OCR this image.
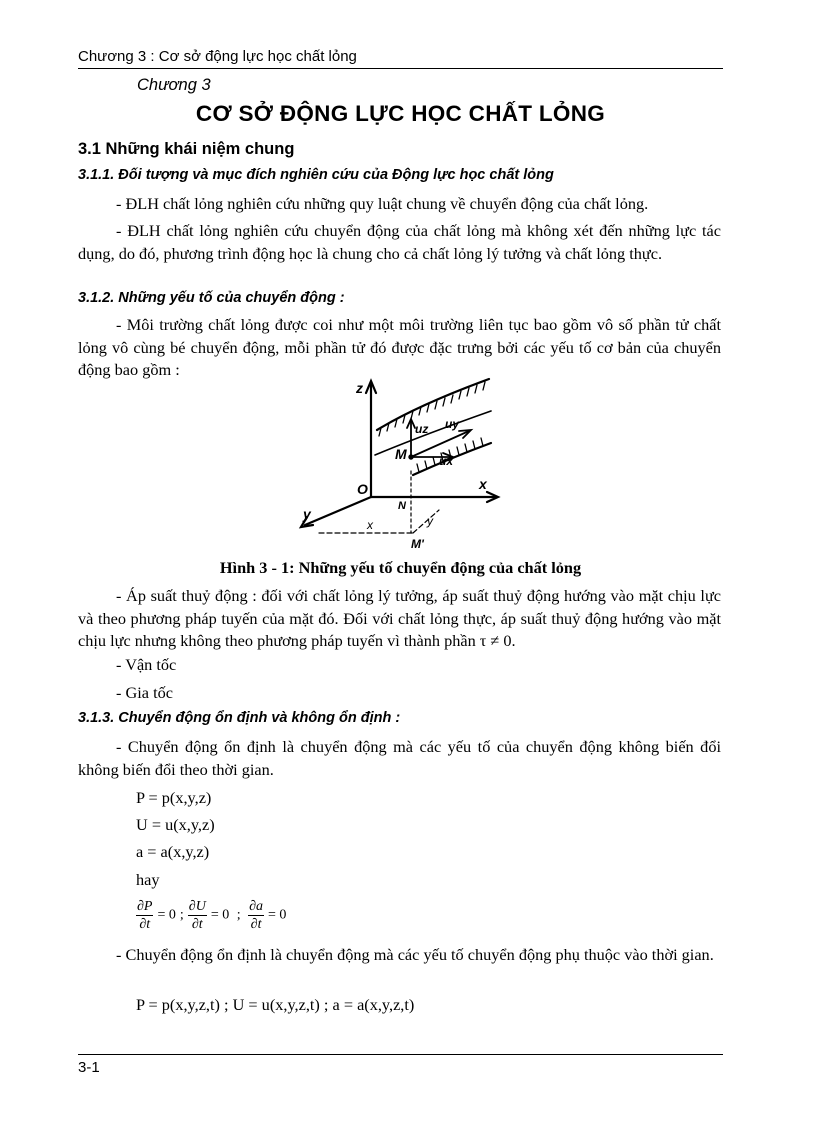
Chương 3 : Cơ sở động lực học chất lỏng
Chương 3
CƠ SỞ ĐỘNG LỰC HỌC CHẤT LỎNG
3.1 Những khái niệm chung
3.1.1. Đối tượng và mục đích nghiên cứu của Động lực học chất lỏng
- ĐLH chất lỏng nghiên cứu những quy luật chung về chuyển động của chất lỏng.
- ĐLH chất lỏng nghiên cứu chuyển động của chất lỏng mà không xét đến những lực tác dụng, do đó, phương trình động học là chung cho cả chất lỏng lý tưởng và chất lỏng thực.
3.1.2. Những yếu tố của chuyển động :
- Môi trường chất lỏng được coi như một môi trường liên tục bao gồm vô số phần tử chất lỏng vô cùng bé chuyển động, mỗi phần tử đó được đặc trưng bởi các yếu tố cơ bản của chuyển động bao gồm :
z
x
y
O
M
N
M'
ux
uy
uz
x	y
Hình 3 - 1: Những yếu tố chuyển động của chất lỏng
- Áp suất thuỷ động : đối với chất lỏng lý tưởng, áp suất thuỷ động hướng vào mặt chịu lực và theo phương pháp tuyến của mặt đó. Đối với chất lỏng thực, áp suất thuỷ động hướng vào mặt chịu lực nhưng không theo phương pháp tuyến vì thành phần τ ≠ 0.
- Vận tốc
- Gia tốc
3.1.3. Chuyển động ổn định và không ổn định :
- Chuyển động ổn định là chuyển động mà các yếu tố của chuyển động không biến đổi không biến đổi theo thời gian.
P = p(x,y,z)
U = u(x,y,z)
a = a(x,y,z)
hay
$\frac{\partial P}{\partial t} = 0$ ; $\frac{\partial U}{\partial t} = 0$ ; $\frac{\partial a}{\partial t} = 0$
- Chuyển động ổn định là chuyển động mà các yếu tố chuyển động phụ thuộc vào thời gian.
P = p(x,y,z,t) ; U = u(x,y,z,t) ; a = a(x,y,z,t)
3-1
